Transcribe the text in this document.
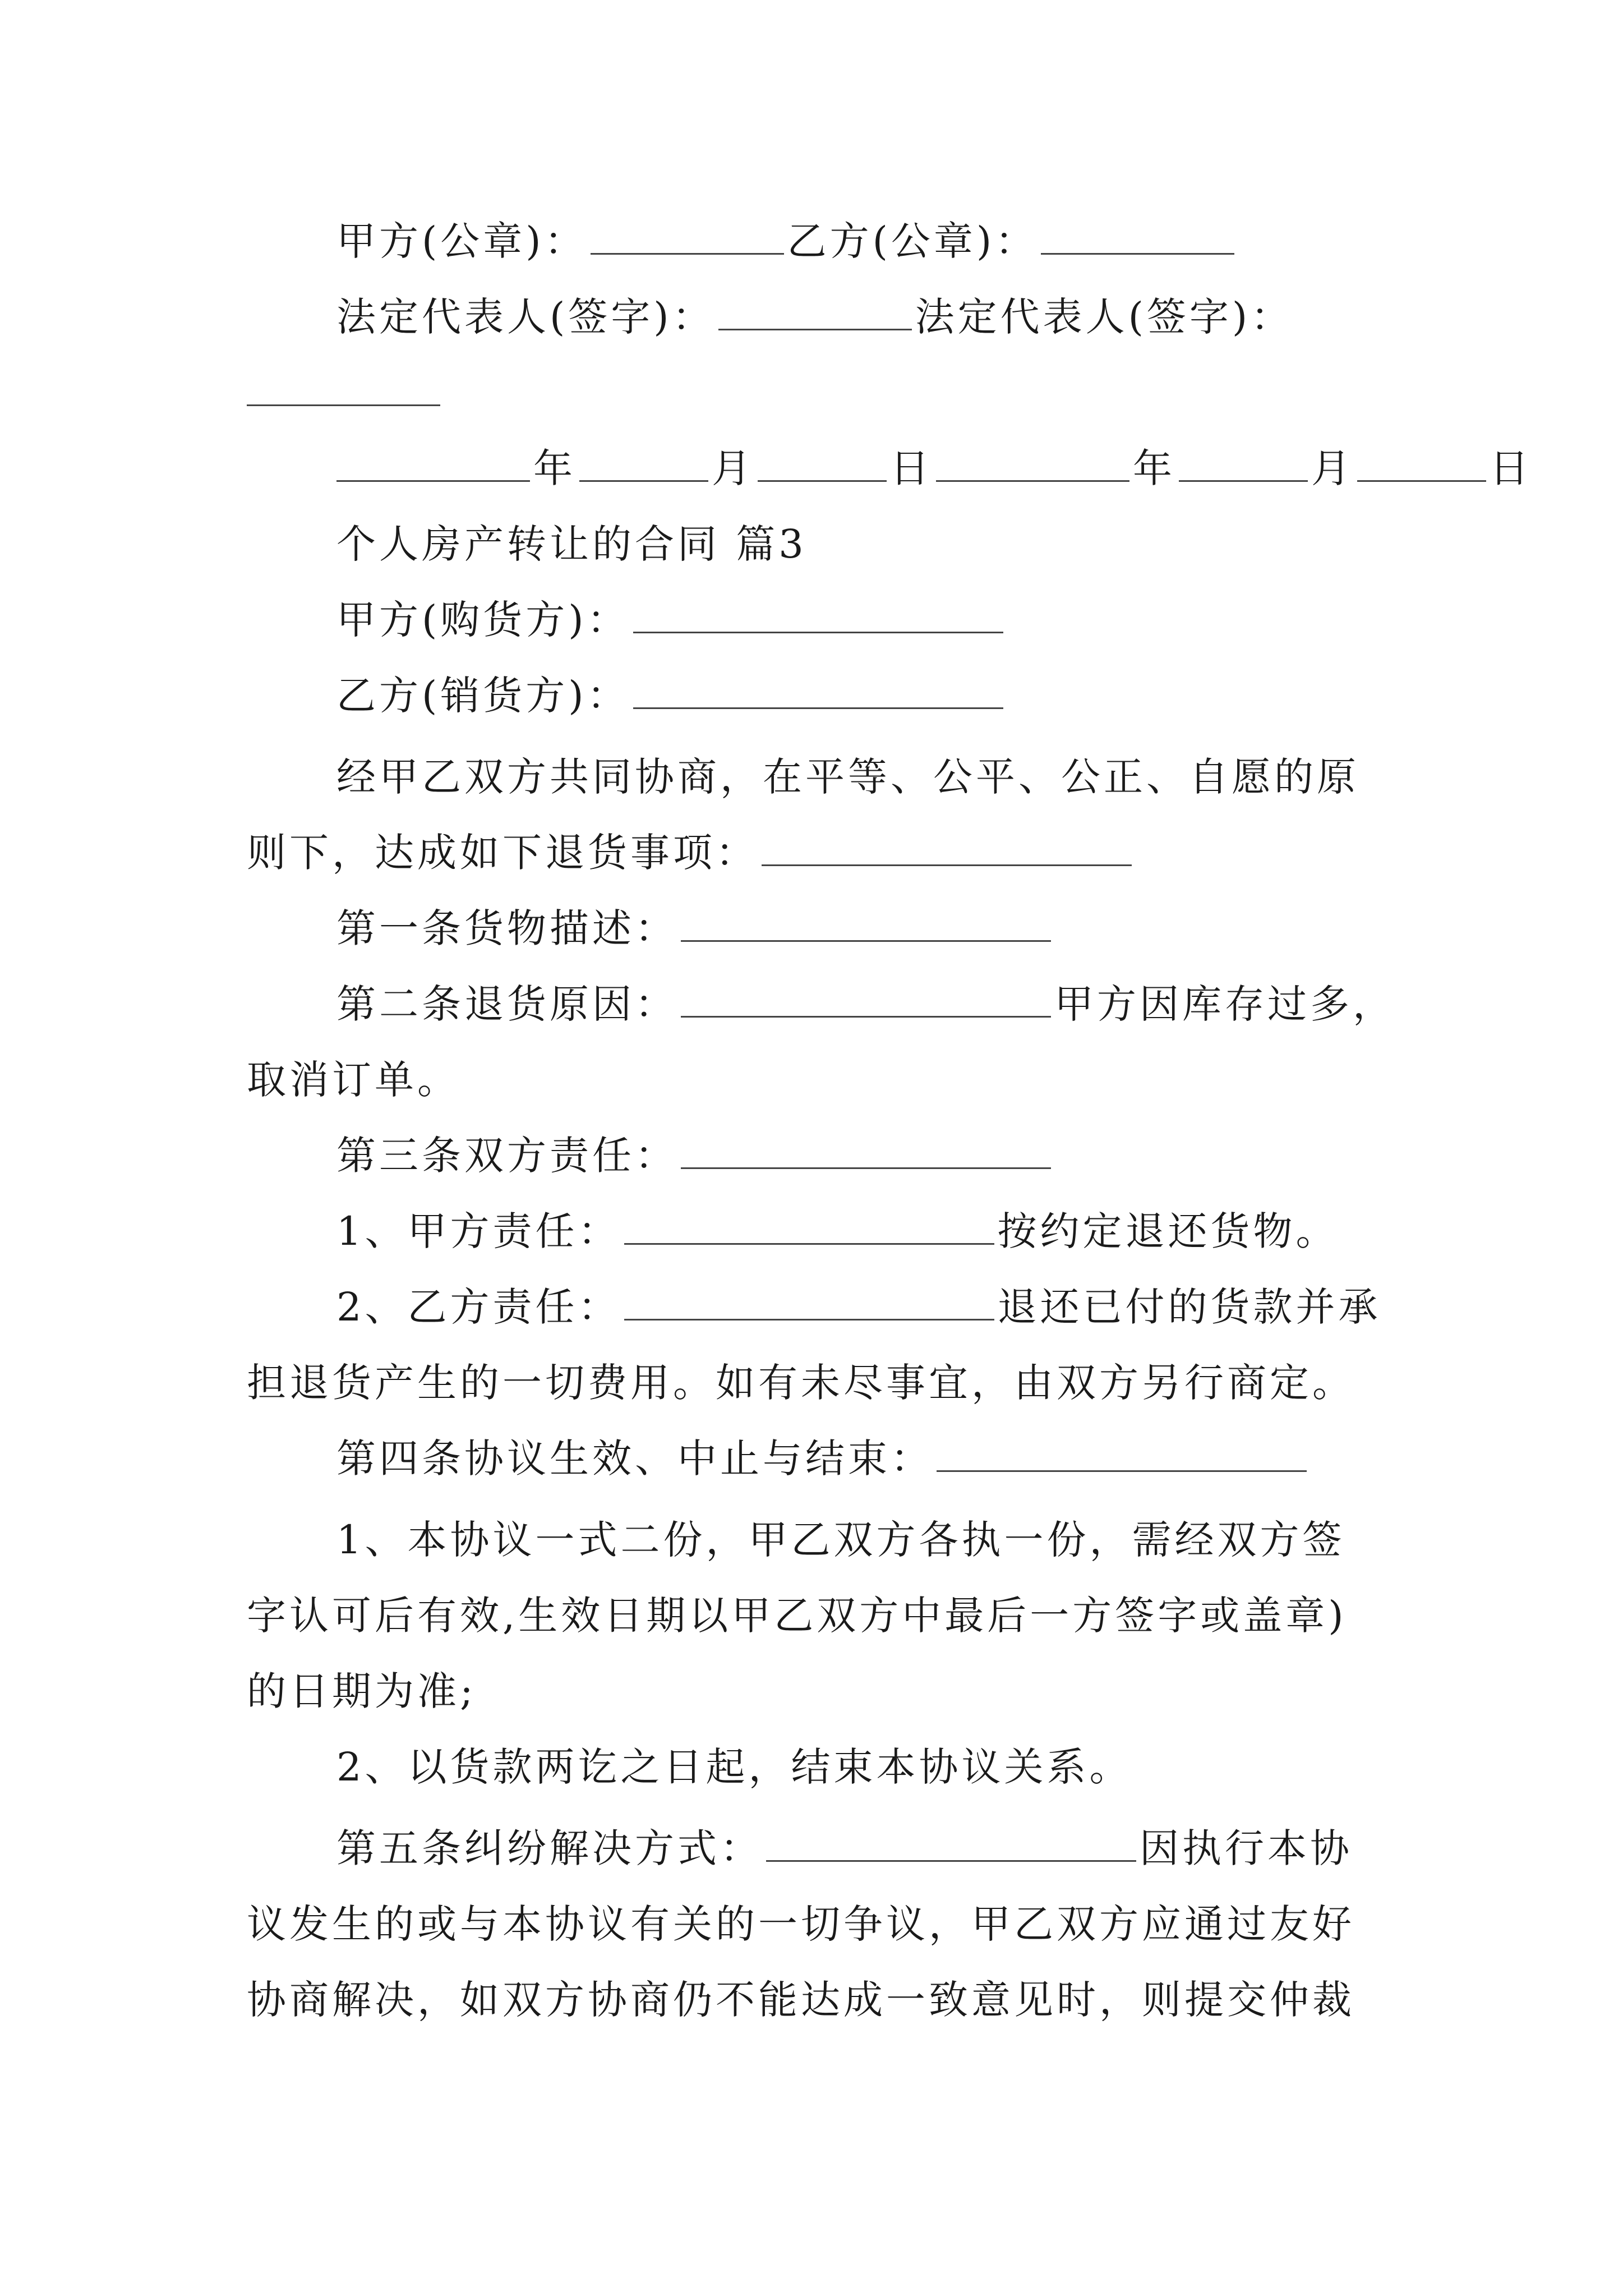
甲方(公章)：	乙方(公章)：
法定代表人(签字)：	法定代表人(签字)：
年	月	日	年	月	日
个人房产转让的合同 篇3
甲方(购货方)：
乙方(销货方)：
经甲乙双方共同协商，在平等、公平、公正、自愿的原
则下，达成如下退货事项：
第一条货物描述：
第二条退货原因：	甲方因库存过多，
取消订单。
第三条双方责任：
1、甲方责任：	按约定退还货物。
2、乙方责任：	退还已付的货款并承
担退货产生的一切费用。如有未尽事宜，由双方另行商定。
第四条协议生效、中止与结束：
1、本协议一式二份，甲乙双方各执一份，需经双方签
字认可后有效,生效日期以甲乙双方中最后一方签字或盖章)
的日期为准;
2、以货款两讫之日起，结束本协议关系。
第五条纠纷解决方式：	因执行本协
议发生的或与本协议有关的一切争议，甲乙双方应通过友好
协商解决，如双方协商仍不能达成一致意见时，则提交仲裁
